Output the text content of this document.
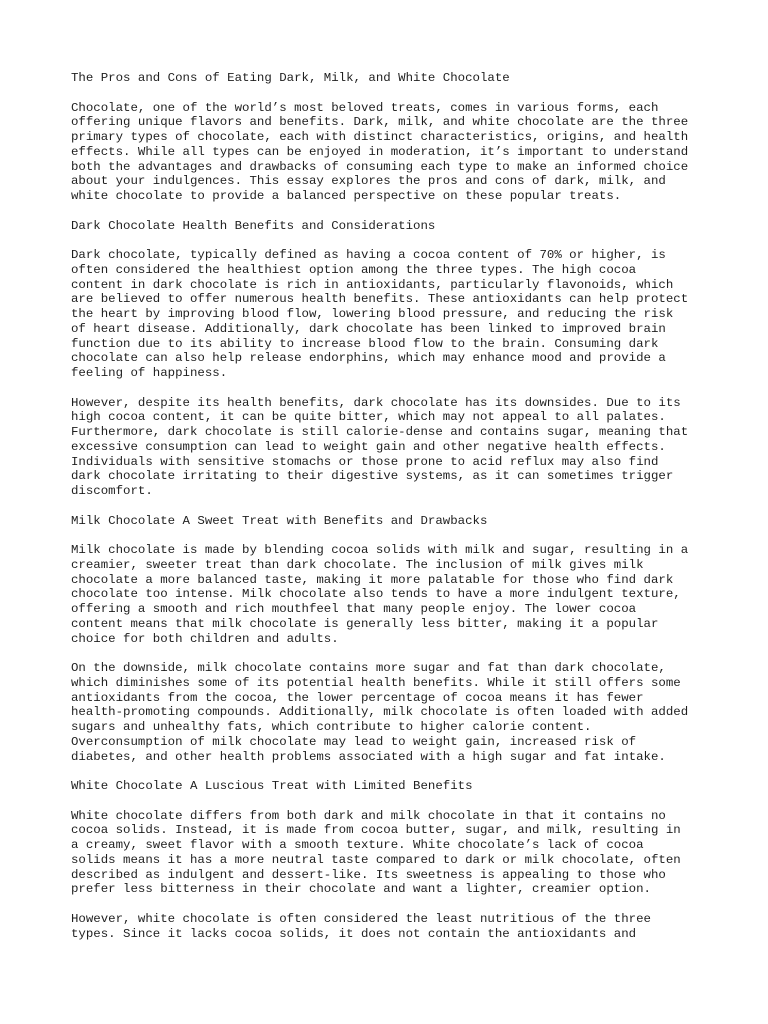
The Pros and Cons of Eating Dark, Milk, and White Chocolate
Chocolate, one of the world’s most beloved treats, comes in various forms, each
offering unique flavors and benefits. Dark, milk, and white chocolate are the three
primary types of chocolate, each with distinct characteristics, origins, and health
effects. While all types can be enjoyed in moderation, it’s important to understand
both the advantages and drawbacks of consuming each type to make an informed choice
about your indulgences. This essay explores the pros and cons of dark, milk, and
white chocolate to provide a balanced perspective on these popular treats.
Dark Chocolate Health Benefits and Considerations
Dark chocolate, typically defined as having a cocoa content of 70% or higher, is
often considered the healthiest option among the three types. The high cocoa
content in dark chocolate is rich in antioxidants, particularly flavonoids, which
are believed to offer numerous health benefits. These antioxidants can help protect
the heart by improving blood flow, lowering blood pressure, and reducing the risk
of heart disease. Additionally, dark chocolate has been linked to improved brain
function due to its ability to increase blood flow to the brain. Consuming dark
chocolate can also help release endorphins, which may enhance mood and provide a
feeling of happiness.
However, despite its health benefits, dark chocolate has its downsides. Due to its
high cocoa content, it can be quite bitter, which may not appeal to all palates.
Furthermore, dark chocolate is still calorie-dense and contains sugar, meaning that
excessive consumption can lead to weight gain and other negative health effects.
Individuals with sensitive stomachs or those prone to acid reflux may also find
dark chocolate irritating to their digestive systems, as it can sometimes trigger
discomfort.
Milk Chocolate A Sweet Treat with Benefits and Drawbacks
Milk chocolate is made by blending cocoa solids with milk and sugar, resulting in a
creamier, sweeter treat than dark chocolate. The inclusion of milk gives milk
chocolate a more balanced taste, making it more palatable for those who find dark
chocolate too intense. Milk chocolate also tends to have a more indulgent texture,
offering a smooth and rich mouthfeel that many people enjoy. The lower cocoa
content means that milk chocolate is generally less bitter, making it a popular
choice for both children and adults.
On the downside, milk chocolate contains more sugar and fat than dark chocolate,
which diminishes some of its potential health benefits. While it still offers some
antioxidants from the cocoa, the lower percentage of cocoa means it has fewer
health-promoting compounds. Additionally, milk chocolate is often loaded with added
sugars and unhealthy fats, which contribute to higher calorie content.
Overconsumption of milk chocolate may lead to weight gain, increased risk of
diabetes, and other health problems associated with a high sugar and fat intake.
White Chocolate A Luscious Treat with Limited Benefits
White chocolate differs from both dark and milk chocolate in that it contains no
cocoa solids. Instead, it is made from cocoa butter, sugar, and milk, resulting in
a creamy, sweet flavor with a smooth texture. White chocolate’s lack of cocoa
solids means it has a more neutral taste compared to dark or milk chocolate, often
described as indulgent and dessert-like. Its sweetness is appealing to those who
prefer less bitterness in their chocolate and want a lighter, creamier option.
However, white chocolate is often considered the least nutritious of the three
types. Since it lacks cocoa solids, it does not contain the antioxidants and
